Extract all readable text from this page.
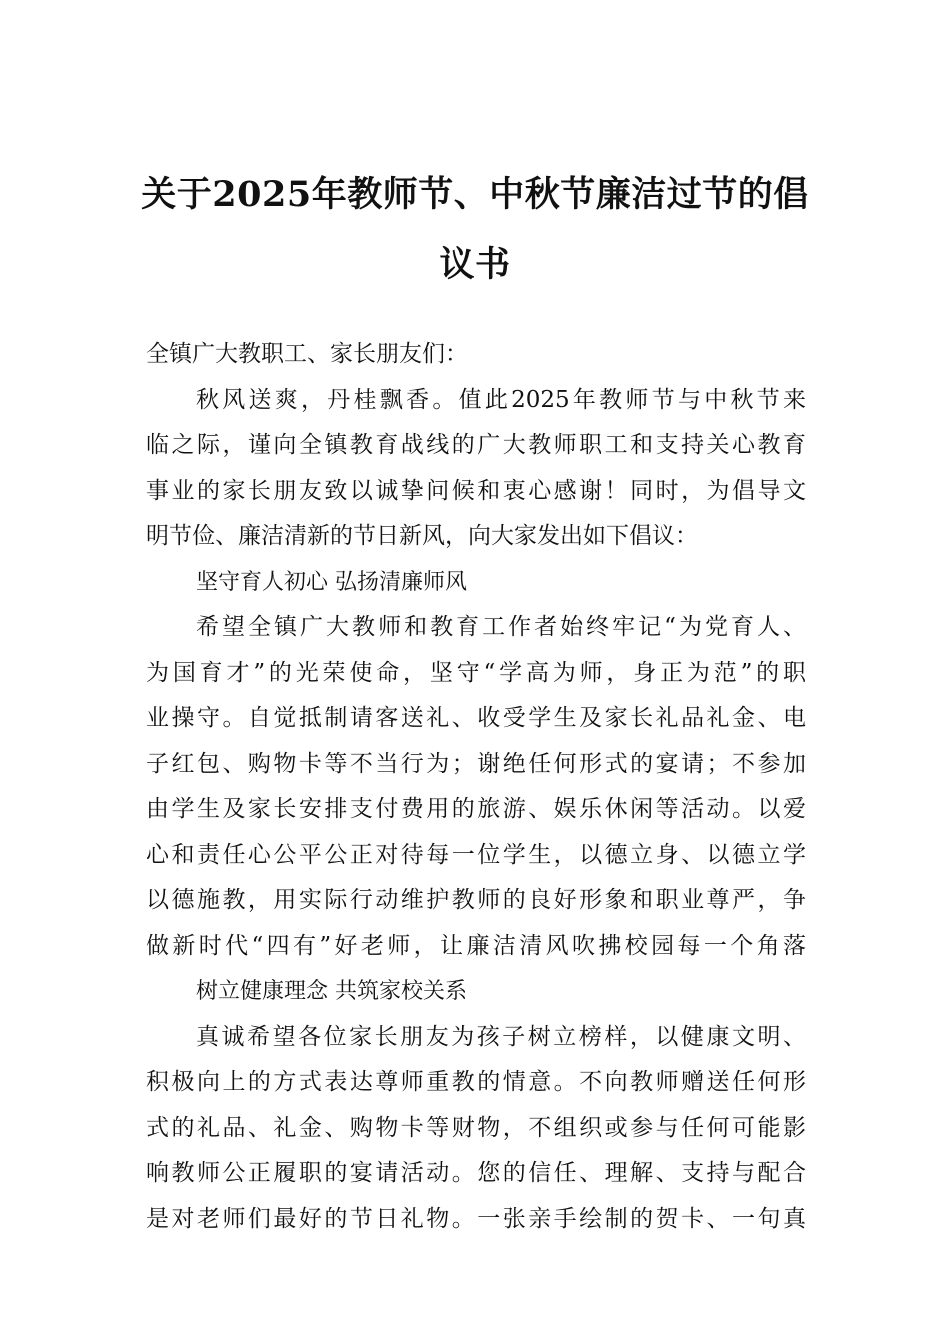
关于2025年教师节、中秋节廉洁过节的倡
议书
全镇广大教职工、家长朋友们：
秋风送爽，丹桂飘香。值此2025年教师节与中秋节来
临之际，谨向全镇教育战线的广大教师职工和支持关心教育
事业的家长朋友致以诚挚问候和衷心感谢！同时，为倡导文
明节俭、廉洁清新的节日新风，向大家发出如下倡议：
坚守育人初心 弘扬清廉师风
希望全镇广大教师和教育工作者始终牢记“为党育人、
为国育才”的光荣使命，坚守“学高为师，身正为范”的职
业操守。自觉抵制请客送礼、收受学生及家长礼品礼金、电
子红包、购物卡等不当行为；谢绝任何形式的宴请；不参加
由学生及家长安排支付费用的旅游、娱乐休闲等活动。以爱
心和责任心公平公正对待每一位学生，以德立身、以德立学
以德施教，用实际行动维护教师的良好形象和职业尊严，争
做新时代“四有”好老师，让廉洁清风吹拂校园每一个角落
树立健康理念 共筑家校关系
真诚希望各位家长朋友为孩子树立榜样，以健康文明、
积极向上的方式表达尊师重教的情意。不向教师赠送任何形
式的礼品、礼金、购物卡等财物，不组织或参与任何可能影
响教师公正履职的宴请活动。您的信任、理解、支持与配合
是对老师们最好的节日礼物。一张亲手绘制的贺卡、一句真
